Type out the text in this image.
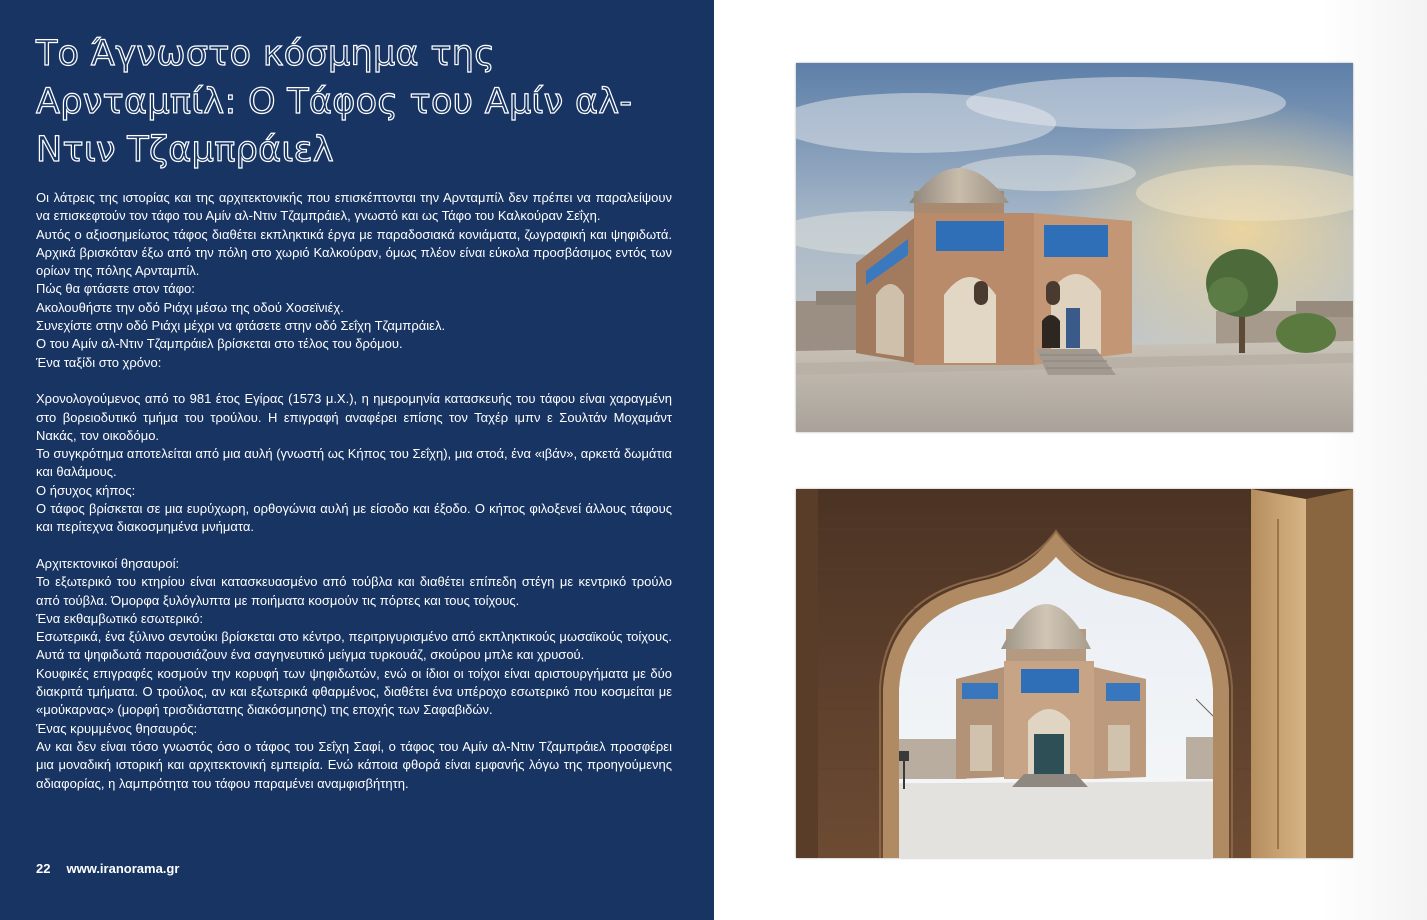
Το Άγνωστο κόσμημα της Αρνταμπίλ: Ο Τάφος του Αμίν αλ-Ντιν Τζαμπράιελ

Οι λάτρεις της ιστορίας και της αρχιτεκτονικής που επισκέπτονται την Αρνταμπίλ δεν πρέπει να παραλείψουν να επισκεφτούν τον τάφο του Αμίν αλ-Ντιν Τζαμπράιελ, γνωστό και ως Τάφο του Καλκούραν Σεΐχη.

Αυτός ο αξιοσημείωτος τάφος διαθέτει εκπληκτικά έργα με παραδοσιακά κονιάματα, ζωγραφική και ψηφιδωτά. Αρχικά βρισκόταν έξω από την πόλη στο χωριό Καλκούραν, όμως πλέον είναι εύκολα προσβάσιμος εντός των ορίων της πόλης Αρνταμπίλ.

Πώς θα φτάσετε στον τάφο:

Ακολουθήστε την οδό Ριάχι μέσω της οδού Χοσεϊνιέχ.

Συνεχίστε στην οδό Ριάχι μέχρι να φτάσετε στην οδό Σεΐχη Τζαμπράιελ.

Ο του Αμίν αλ-Ντιν Τζαμπράιελ βρίσκεται στο τέλος του δρόμου.

Ένα ταξίδι στο χρόνο:

Χρονολογούμενος από το 981 έτος Εγίρας (1573 μ.Χ.), η ημερομηνία κατασκευής του τάφου είναι χαραγμένη στο βορειοδυτικό τμήμα του τρούλου. Η επιγραφή αναφέρει επίσης τον Ταχέρ ιμπν ε Σουλτάν Μοχαμάντ Νακάς, τον οικοδόμο.

Το συγκρότημα αποτελείται από μια αυλή (γνωστή ως Κήπος του Σεΐχη), μια στοά, ένα «ιβάν», αρκετά δωμάτια και θαλάμους.

Ο ήσυχος κήπος:

Ο τάφος βρίσκεται σε μια ευρύχωρη, ορθογώνια αυλή με είσοδο και έξοδο. Ο κήπος φιλοξενεί άλλους τάφους και περίτεχνα διακοσμημένα μνήματα.

Αρχιτεκτονικοί θησαυροί:

Το εξωτερικό του κτηρίου είναι κατασκευασμένο από τούβλα και διαθέτει επίπεδη στέγη με κεντρικό τρούλο από τούβλα. Όμορφα ξυλόγλυπτα με ποιήματα κοσμούν τις πόρτες και τους τοίχους.

Ένα εκθαμβωτικό εσωτερικό:

Εσωτερικά, ένα ξύλινο σεντούκι βρίσκεται στο κέντρο, περιτριγυρισμένο από εκπληκτικούς μωσαϊκούς τοίχους. Αυτά τα ψηφιδωτά παρουσιάζουν ένα σαγηνευτικό μείγμα τυρκουάζ, σκούρου μπλε και χρυσού.

Κουφικές επιγραφές κοσμούν την κορυφή των ψηφιδωτών, ενώ οι ίδιοι οι τοίχοι είναι αριστουργήματα με δύο διακριτά τμήματα. Ο τρούλος, αν και εξωτερικά φθαρμένος, διαθέτει ένα υπέροχο εσωτερικό που κοσμείται με «μούκαρνας» (μορφή τρισδιάστατης διακόσμησης) της εποχής των Σαφαβιδών.

Ένας κρυμμένος θησαυρός:

Αν και δεν είναι τόσο γνωστός όσο ο τάφος του Σεΐχη Σαφί, ο τάφος του Αμίν αλ-Ντιν Τζαμπράιελ προσφέρει μια μοναδική ιστορική και αρχιτεκτονική εμπειρία. Ενώ κάποια φθορά είναι εμφανής λόγω της προηγούμενης αδιαφορίας, η λαμπρότητα του τάφου παραμένει αναμφισβήτητη.

22 www.iranorama.gr
